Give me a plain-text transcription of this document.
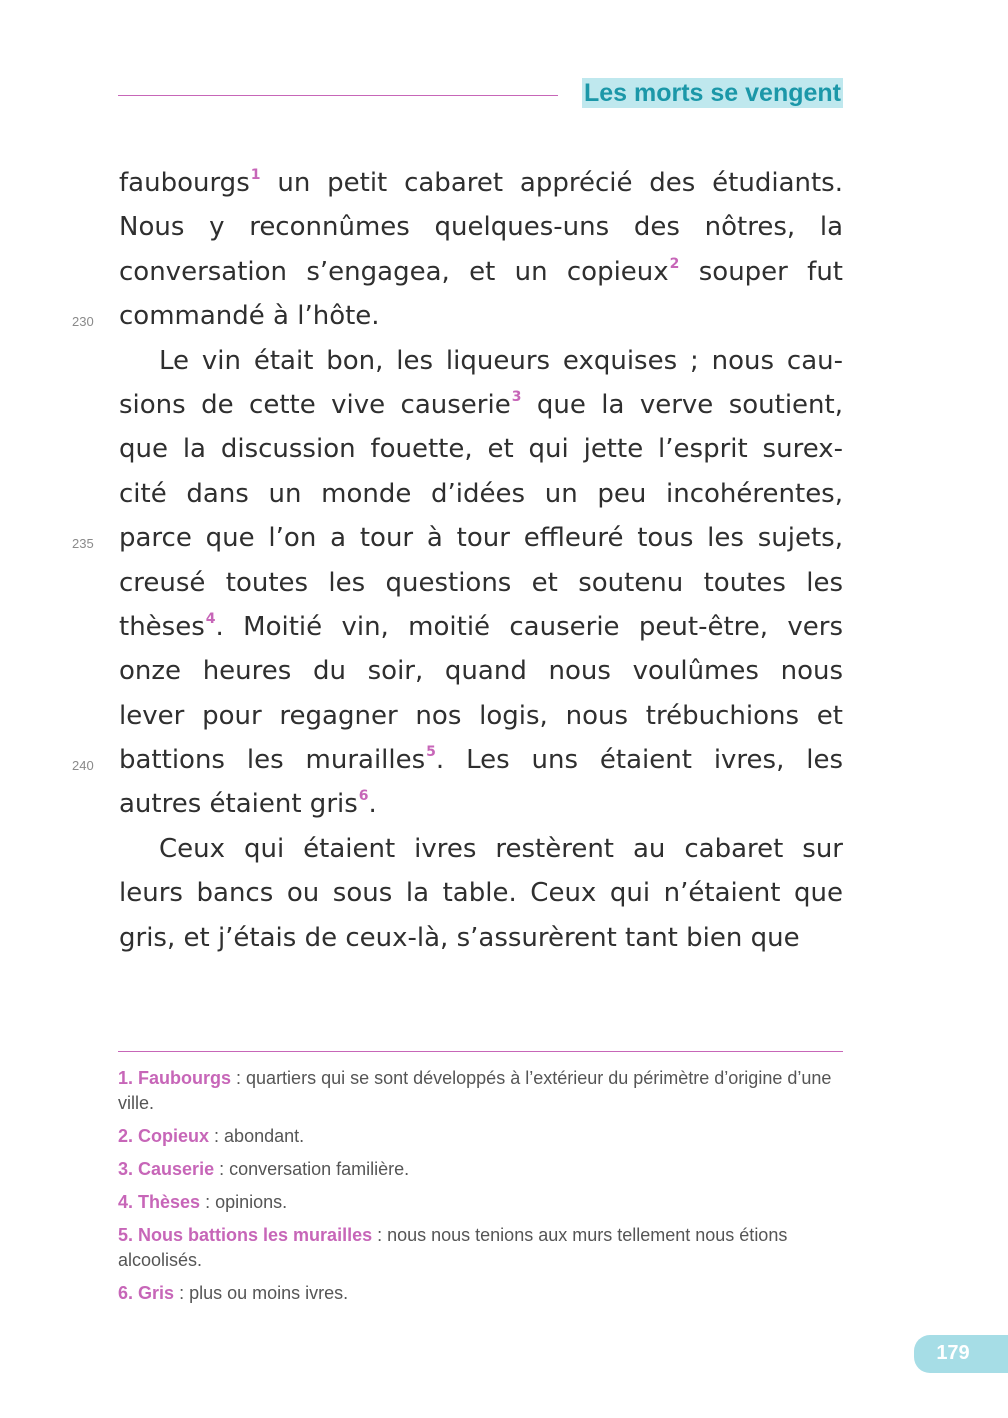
Les morts se vengent
230
235
240
faubourgs$^1$ un petit cabaret apprécié des étudiants.
Nous y reconnûmes quelques-uns des nôtres, la
conversation s’engagea, et un copieux$^2$ souper fut
commandé à l’hôte.
Le vin était bon, les liqueurs exquises ; nous cau-
sions de cette vive causerie$^3$ que la verve soutient,
que la discussion fouette, et qui jette l’esprit surex-
cité dans un monde d’idées un peu incohérentes,
parce que l’on a tour à tour effleuré tous les sujets,
creusé toutes les questions et soutenu toutes les
thèses$^4$. Moitié vin, moitié causerie peut-être, vers
onze heures du soir, quand nous voulûmes nous
lever pour regagner nos logis, nous trébuchions et
battions les murailles$^5$. Les uns étaient ivres, les
autres étaient gris$^6$.
Ceux qui étaient ivres restèrent au cabaret sur
leurs bancs ou sous la table. Ceux qui n’étaient que
gris, et j’étais de ceux-là, s’assurèrent tant bien que
1. Faubourgs : quartiers qui se sont développés à l’extérieur du périmètre d’origine d’une ville.
2. Copieux : abondant.
3. Causerie : conversation familière.
4. Thèses : opinions.
5. Nous battions les murailles : nous nous tenions aux murs tellement nous étions alcoolisés.
6. Gris : plus ou moins ivres.
179
